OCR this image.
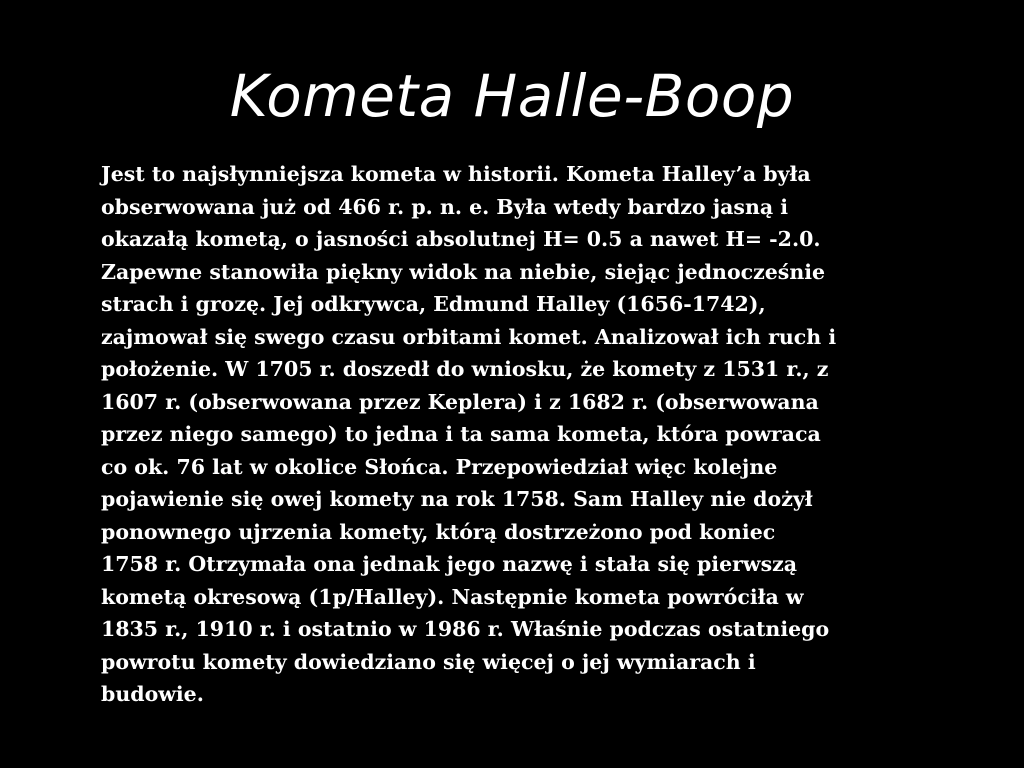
Kometa Halle-Boop
Jest to najsłynniejsza kometa w historii. Kometa Halley’a była
obserwowana już od 466 r. p. n. e. Była wtedy bardzo jasną i
okazałą kometą, o jasności absolutnej H= 0.5 a nawet H= -2.0.
Zapewne stanowiła piękny widok na niebie, siejąc jednocześnie
strach i grozę. Jej odkrywca, Edmund Halley (1656-1742),
zajmował się swego czasu orbitami komet. Analizował ich ruch i
położenie. W 1705 r. doszedł do wniosku, że komety z 1531 r., z
1607 r. (obserwowana przez Keplera) i z 1682 r. (obserwowana
przez niego samego) to jedna i ta sama kometa, która powraca
co ok. 76 lat w okolice Słońca. Przepowiedział więc kolejne
pojawienie się owej komety na rok 1758. Sam Halley nie dożył
ponownego ujrzenia komety, którą dostrzeżono pod koniec
1758 r. Otrzymała ona jednak jego nazwę i stała się pierwszą
kometą okresową (1p/Halley). Następnie kometa powróciła w
1835 r., 1910 r. i ostatnio w 1986 r. Właśnie podczas ostatniego
powrotu komety dowiedziano się więcej o jej wymiarach i
budowie.
